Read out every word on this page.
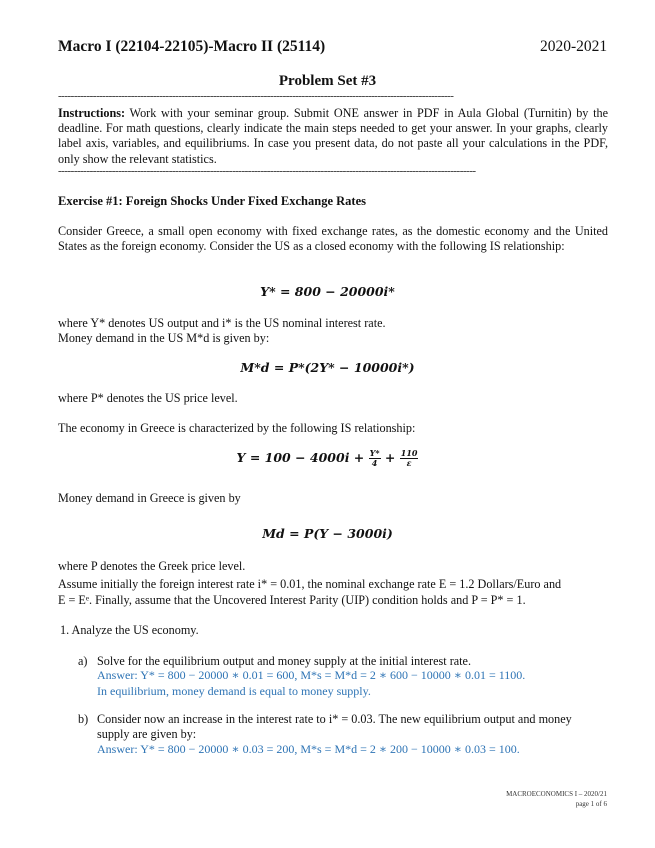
Macro I (22104-22105)-Macro II (25114)	2020-2021
Problem Set #3
-----------------------------------------------------------------------------------------------------------------------------
Instructions: Work with your seminar group. Submit ONE answer in PDF in Aula Global (Turnitin) by the deadline. For math questions, clearly indicate the main steps needed to get your answer. In your graphs, clearly label axis, variables, and equilibriums. In case you present data, do not paste all your calculations in the PDF, only show the relevant statistics.
------------------------------------------------------------------------------------------------------------------------------------
Exercise #1: Foreign Shocks Under Fixed Exchange Rates
Consider Greece, a small open economy with fixed exchange rates, as the domestic economy and the United States as the foreign economy. Consider the US as a closed economy with the following IS relationship:
Y* = 800 − 20000i*
where Y* denotes US output and i* is the US nominal interest rate.
Money demand in the US M*d is given by:
M*d = P*(2Y* − 10000i*)
where P* denotes the US price level.
The economy in Greece is characterized by the following IS relationship:
$Y = 100 - 4000i + \frac{Y*}{4} + \frac{110}{\varepsilon}$
Money demand in Greece is given by
Md = P(Y − 3000i)
where P denotes the Greek price level.
Assume initially the foreign interest rate i* = 0.01, the nominal exchange rate E = 1.2 Dollars/Euro and
E = Eᵉ. Finally, assume that the Uncovered Interest Parity (UIP) condition holds and P = P* = 1.
1. Analyze the US economy.
a) Solve for the equilibrium output and money supply at the initial interest rate.
Answer: Y* = 800 − 20000 ∗ 0.01 = 600, M*s = M*d = 2 ∗ 600 − 10000 ∗ 0.01 = 1100.
In equilibrium, money demand is equal to money supply.
b) Consider now an increase in the interest rate to i* = 0.03. The new equilibrium output and money
supply are given by:
Answer: Y* = 800 − 20000 ∗ 0.03 = 200, M*s = M*d = 2 ∗ 200 − 10000 ∗ 0.03 = 100.
MACROECONOMICS I – 2020/21
page 1 of 6
